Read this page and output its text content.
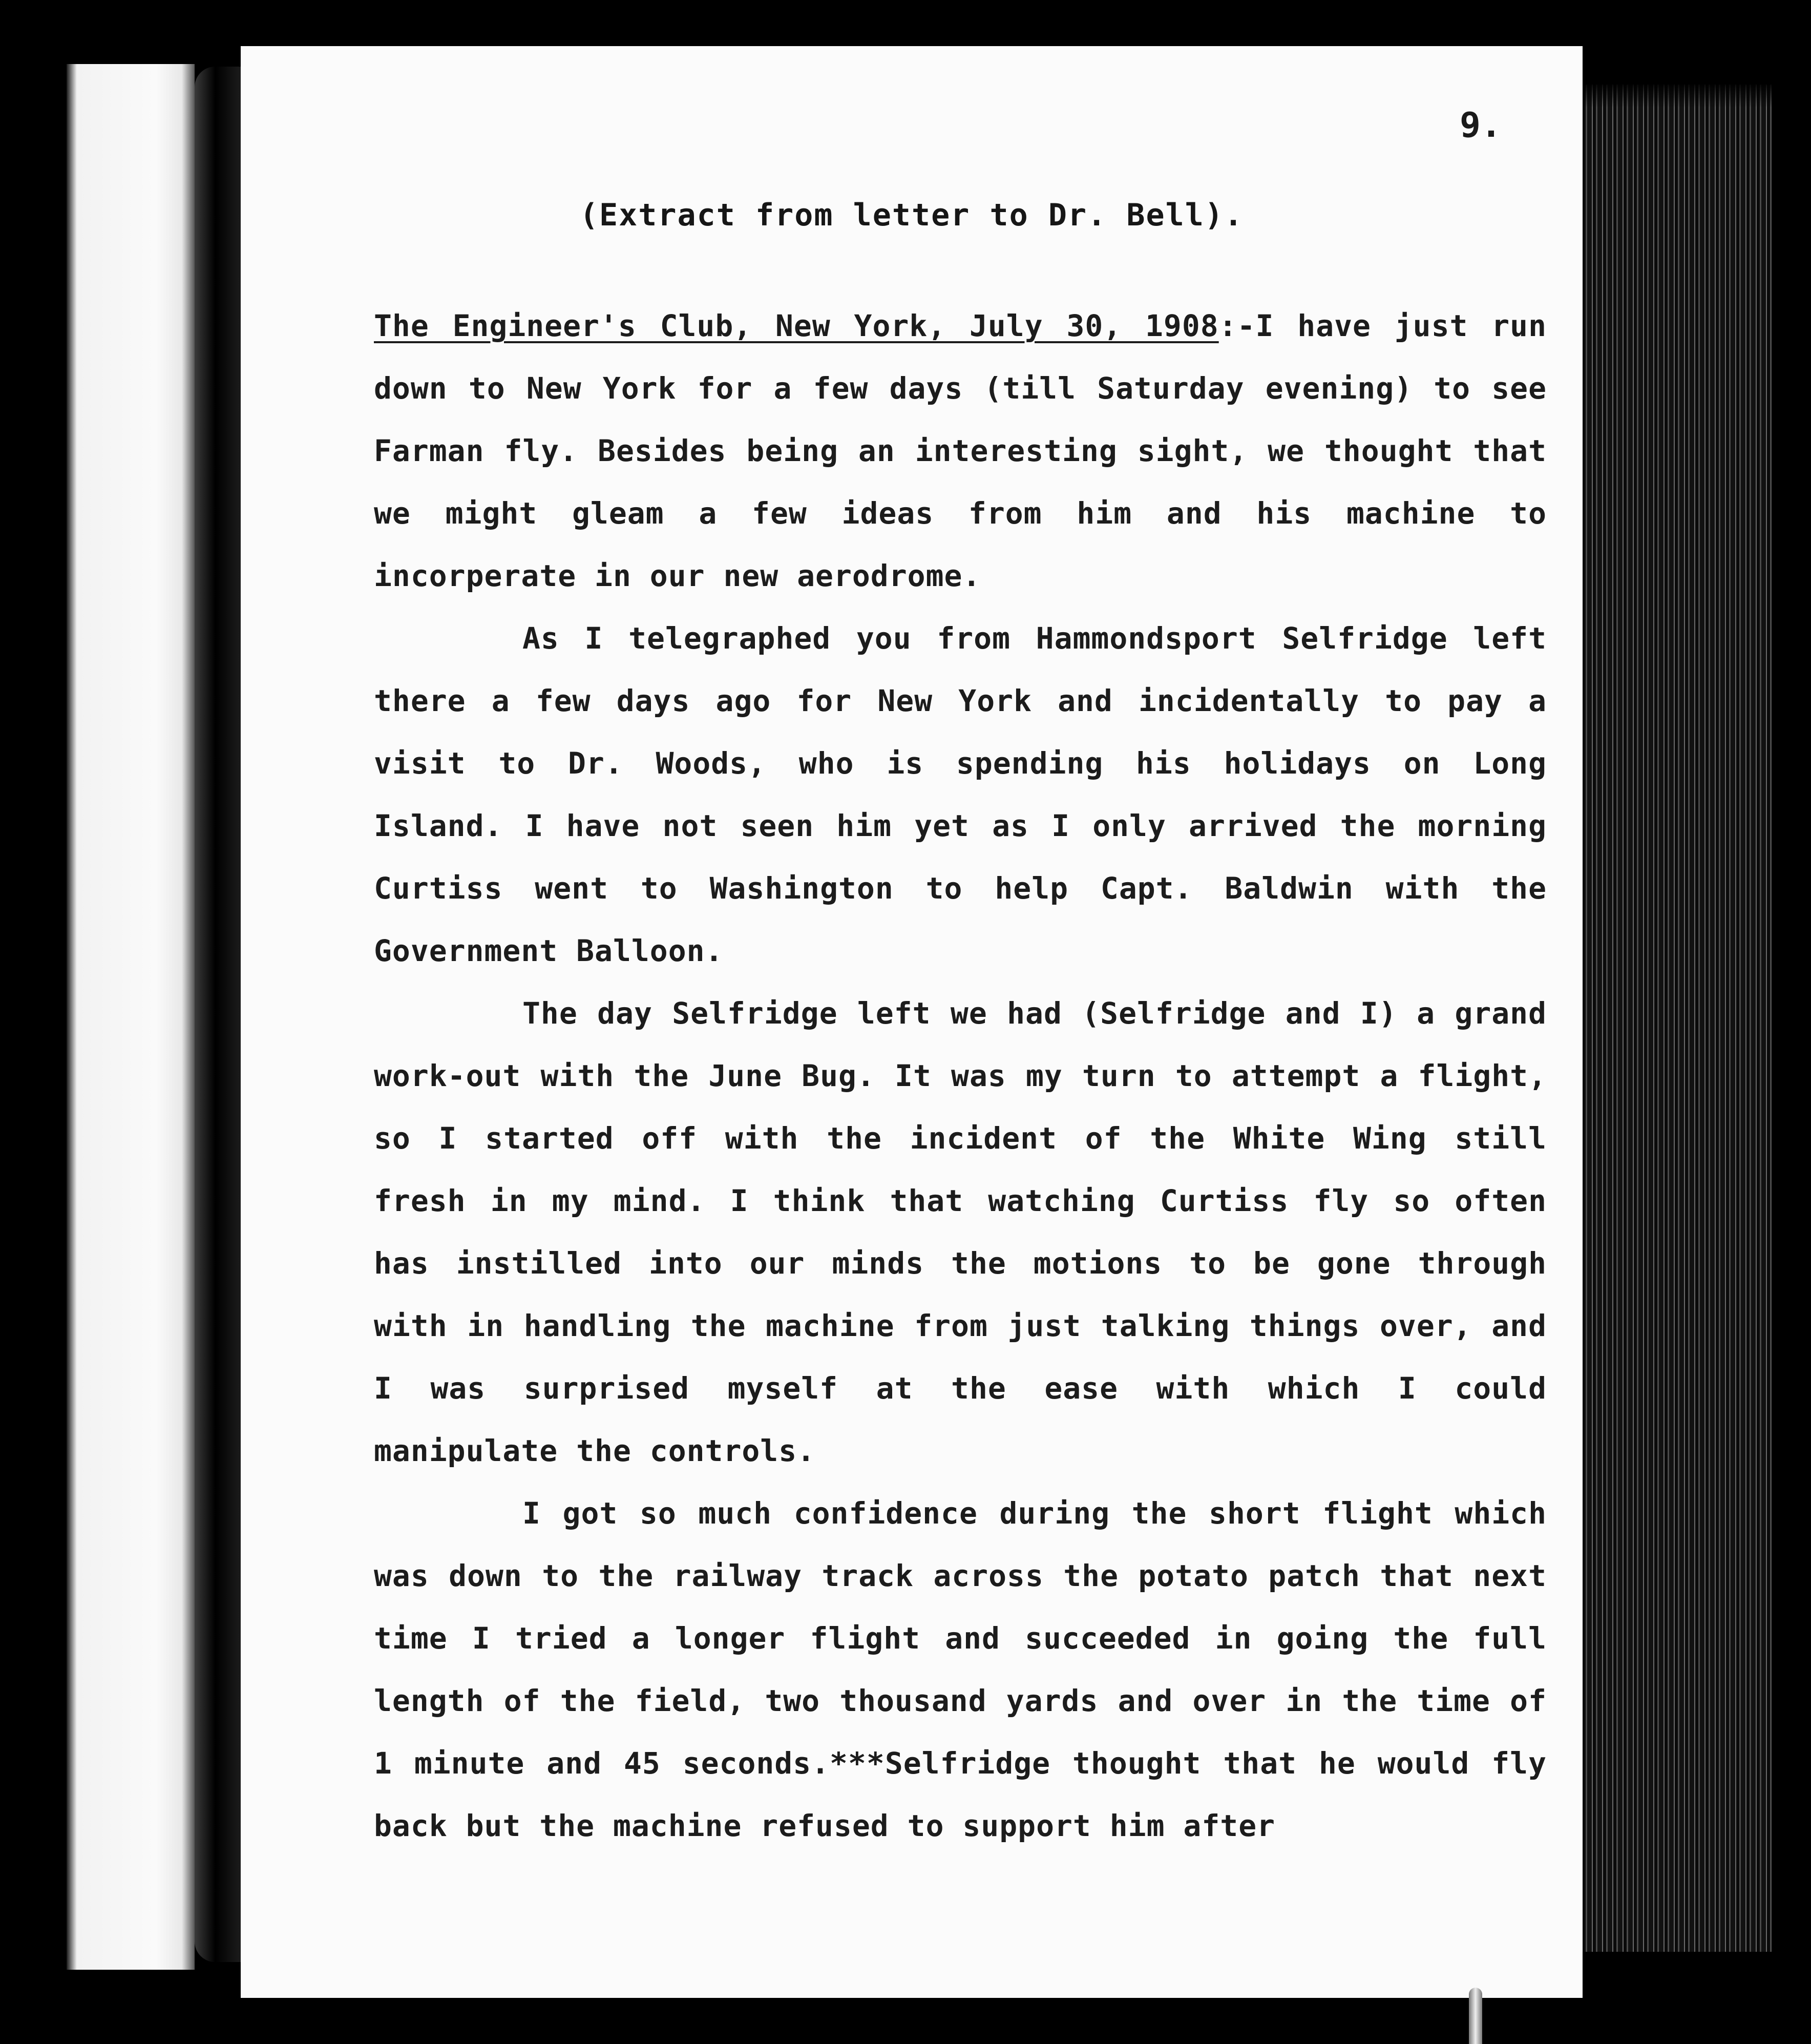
9.
(Extract from letter to Dr. Bell).

The Engineer's Club, New York, July 30, 1908:-I have just run down to New York for a few days (till Saturday evening) to see Farman fly. Besides being an interesting sight, we thought that we might gleam a few ideas from him and his machine to incorperate in our new aerodrome.

As I telegraphed you from Hammondsport Selfridge left there a few days ago for New York and incidentally to pay a visit to Dr. Woods, who is spending his holidays on Long Island. I have not seen him yet as I only arrived the morning Curtiss went to Washington to help Capt. Baldwin with the Government Balloon.

The day Selfridge left we had (Selfridge and I) a grand work-out with the June Bug. It was my turn to attempt a flight, so I started off with the incident of the White Wing still fresh in my mind. I think that watching Curtiss fly so often has instilled into our minds the motions to be gone through with in handling the machine from just talking things over, and I was surprised myself at the ease with which I could manipulate the controls.

I got so much confidence during the short flight which was down to the railway track across the potato patch that next time I tried a longer flight and succeeded in going the full length of the field, two thousand yards and over in the time of 1 minute and 45 seconds.***Selfridge thought that he would fly back but the machine refused to support him after
